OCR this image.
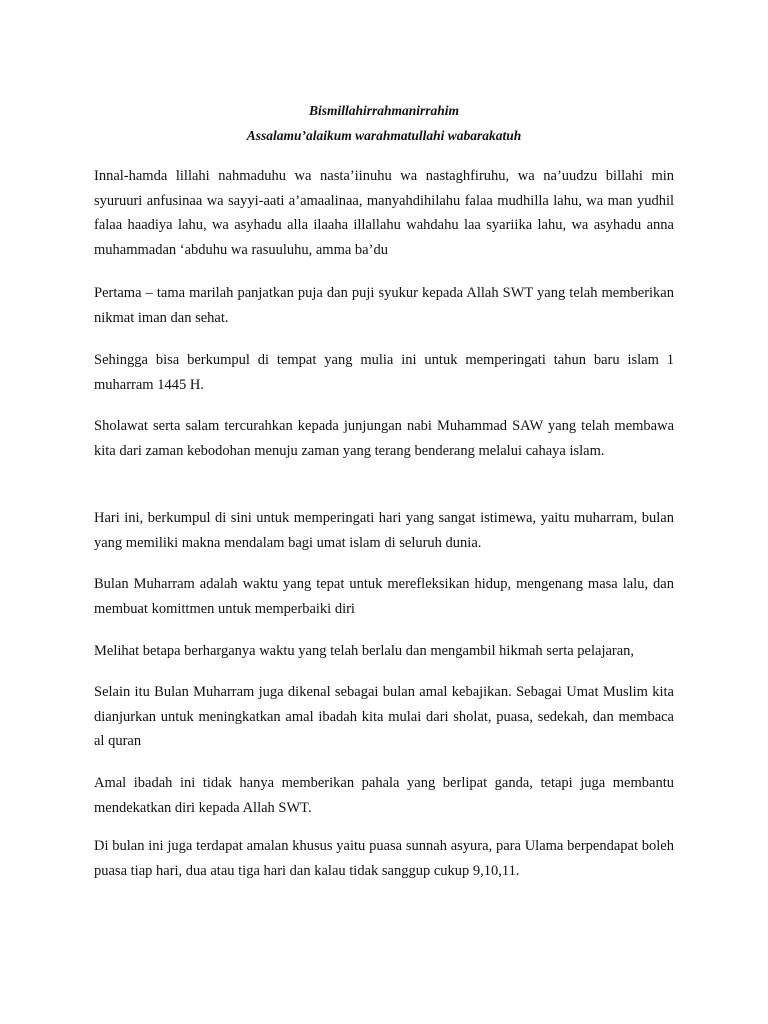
Bismillahirrahmanirrahim

Assalamu’alaikum warahmatullahi wabarakatuh

Innal-hamda lillahi nahmaduhu wa nasta’iinuhu wa nastaghfiruhu, wa na’uudzu billahi min syuruuri anfusinaa wa sayyi-aati a’amaalinaa, manyahdihilahu falaa mudhilla lahu, wa man yudhil falaa haadiya lahu, wa asyhadu alla ilaaha illallahu wahdahu laa syariika lahu, wa asyhadu anna muhammadan ‘abduhu wa rasuuluhu, amma ba’du

Pertama – tama marilah panjatkan puja dan puji syukur kepada Allah SWT yang telah memberikan nikmat iman dan sehat.

Sehingga bisa berkumpul di tempat yang mulia ini untuk memperingati tahun baru islam 1 muharram 1445 H.

Sholawat serta salam tercurahkan kepada junjungan nabi Muhammad SAW yang telah membawa kita dari zaman kebodohan menuju zaman yang terang benderang melalui cahaya islam.

Hari ini, berkumpul di sini untuk memperingati hari yang sangat istimewa, yaitu muharram, bulan yang memiliki makna mendalam bagi umat islam di seluruh dunia.

Bulan Muharram adalah waktu yang tepat untuk merefleksikan hidup, mengenang masa lalu, dan membuat komittmen untuk memperbaiki diri

Melihat betapa berharganya waktu yang telah berlalu dan mengambil hikmah serta pelajaran,

Selain itu Bulan Muharram juga dikenal sebagai bulan amal kebajikan. Sebagai Umat Muslim kita dianjurkan untuk meningkatkan amal ibadah kita mulai dari sholat, puasa, sedekah, dan membaca al quran

Amal ibadah ini tidak hanya memberikan pahala yang berlipat ganda, tetapi juga membantu mendekatkan diri kepada Allah SWT.

Di bulan ini juga terdapat amalan khusus yaitu puasa sunnah asyura, para Ulama berpendapat boleh puasa tiap hari, dua atau tiga hari dan kalau tidak sanggup cukup 9,10,11.
